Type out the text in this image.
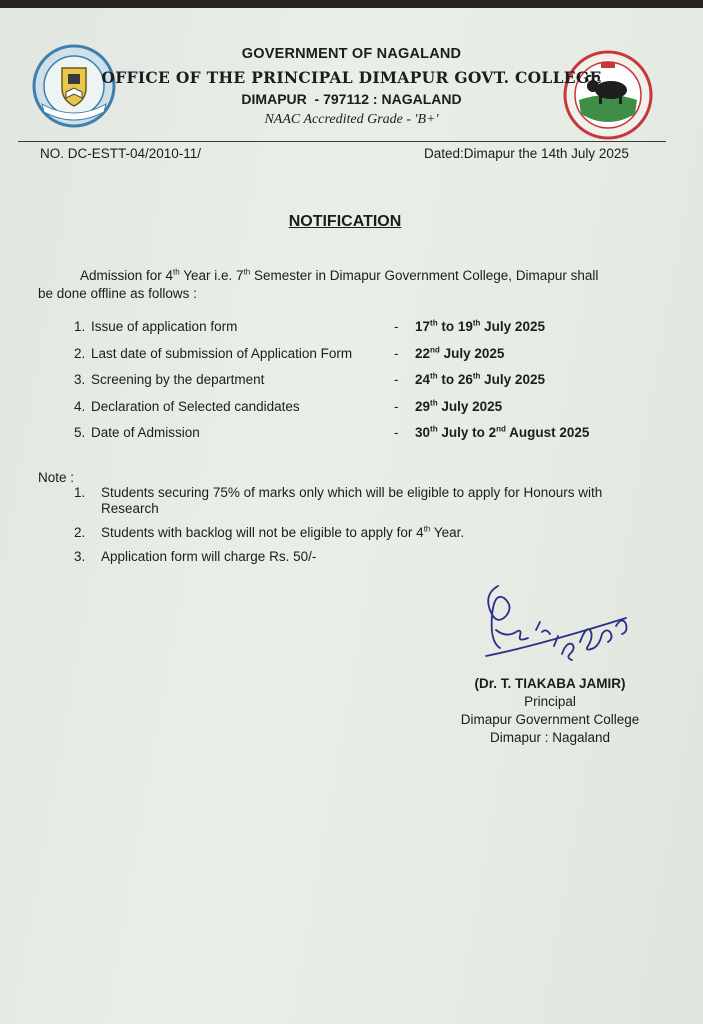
GOVERNMENT OF NAGALAND
OFFICE OF THE PRINCIPAL DIMAPUR GOVT. COLLEGE
DIMAPUR  - 797112 : NAGALAND
NAAC Accredited Grade - 'B+'
NO. DC-ESTT-04/2010-11/	Dated:Dimapur the 14th July 2025
NOTIFICATION

Admission for 4th Year i.e. 7th Semester in Dimapur Government College, Dimapur shall

be done offline as follows :

1. Issue of application form	- 17th to 19th July 2025
2. Last date of submission of Application Form	- 22nd July 2025
3. Screening by the department	- 24th to 26th July 2025
4. Declaration of Selected candidates	- 29th July 2025
5. Date of Admission	- 30th July to 2nd August 2025
Note :
1. Students securing 75% of marks only which will be eligible to apply for Honours with Research
2. Students with backlog will not be eligible to apply for 4th Year.
3. Application form will charge Rs. 50/-
(Dr. T. TIAKABA JAMIR)
Principal
Dimapur Government College
Dimapur : Nagaland
